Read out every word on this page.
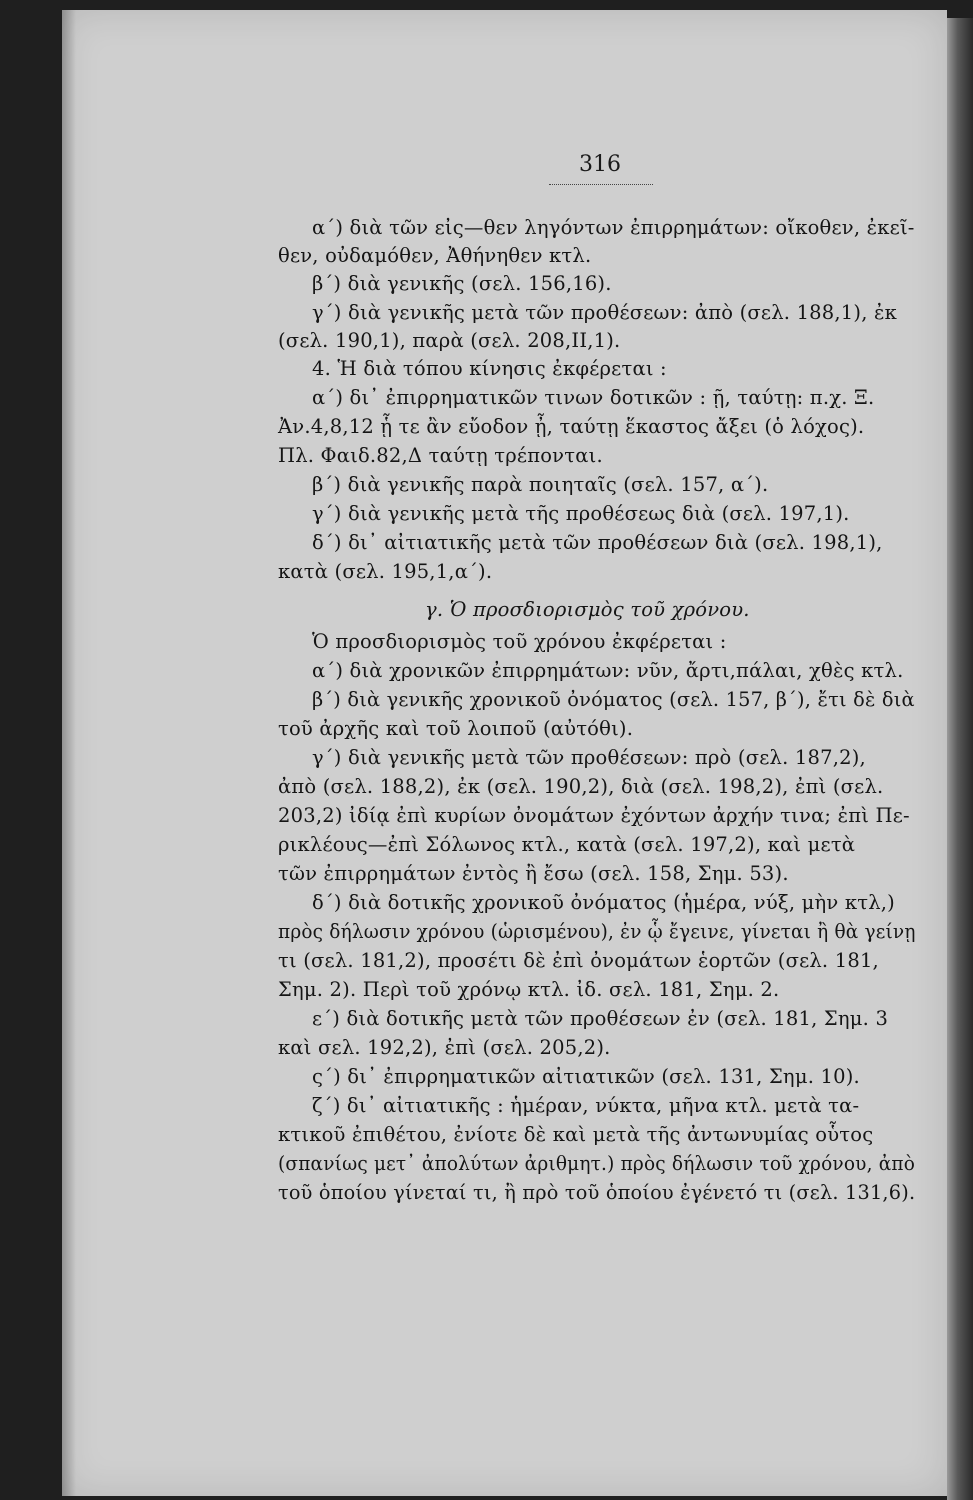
316
α΄) διὰ τῶν εἰς—θεν ληγόντων ἐπιρρημάτων: οἴκοθεν, ἐκεῖ-
θεν, οὐδαμόθεν, Ἀθήνηθεν κτλ.
β΄) διὰ γενικῆς (σελ. 156,16).
γ΄) διὰ γενικῆς μετὰ τῶν προθέσεων: ἀπὸ (σελ. 188,1), ἐκ
(σελ. 190,1), παρὰ (σελ. 208,II,1).
4. Ἡ διὰ τόπου κίνησις ἐκφέρεται :
α΄) δι᾽ ἐπιρρηματικῶν τινων δοτικῶν : ῇ, ταύτῃ: π.χ. Ξ.
Ἀν.4,8,12 ᾗ τε ἂν εὔοδον ᾖ, ταύτῃ ἕκαστος ἄξει (ὁ λόχος).
Πλ. Φαιδ.82,Δ ταύτῃ τρέπονται.
β΄) διὰ γενικῆς παρὰ ποιηταῖς (σελ. 157, α΄).
γ΄) διὰ γενικῆς μετὰ τῆς προθέσεως διὰ (σελ. 197,1).
δ΄) δι᾽ αἰτιατικῆς μετὰ τῶν προθέσεων διὰ (σελ. 198,1),
κατὰ (σελ. 195,1,α΄).
γ. Ὁ προσδιορισμὸς τοῦ χρόνου.
Ὁ προσδιορισμὸς τοῦ χρόνου ἐκφέρεται :
α΄) διὰ χρονικῶν ἐπιρρημάτων: νῦν, ἄρτι,πάλαι, χθὲς κτλ.
β΄) διὰ γενικῆς χρονικοῦ ὀνόματος (σελ. 157, β΄), ἔτι δὲ διὰ
τοῦ ἀρχῆς καὶ τοῦ λοιποῦ (αὐτόθι).
γ΄) διὰ γενικῆς μετὰ τῶν προθέσεων: πρὸ (σελ. 187,2),
ἀπὸ (σελ. 188,2), ἐκ (σελ. 190,2), διὰ (σελ. 198,2), ἐπὶ (σελ.
203,2) ἰδίᾳ ἐπὶ κυρίων ὀνομάτων ἐχόντων ἀρχήν τινα; ἐπὶ Πε-
ρικλέους—ἐπὶ Σόλωνος κτλ., κατὰ (σελ. 197,2), καὶ μετὰ
τῶν ἐπιρρημάτων ἐντὸς ἢ ἔσω (σελ. 158, Σημ. 53).
δ΄) διὰ δοτικῆς χρονικοῦ ὀνόματος (ἡμέρα, νύξ, μὴν κτλ,)
πρὸς δήλωσιν χρόνου (ὡρισμένου), ἐν ᾧ ἔγεινε, γίνεται ἢ θὰ γείνῃ
τι (σελ. 181,2), προσέτι δὲ ἐπὶ ὀνομάτων ἑορτῶν (σελ. 181,
Σημ. 2). Περὶ τοῦ χρόνῳ κτλ. ἰδ. σελ. 181, Σημ. 2.
ε΄) διὰ δοτικῆς μετὰ τῶν προθέσεων ἐν (σελ. 181, Σημ. 3
καὶ σελ. 192,2), ἐπὶ (σελ. 205,2).
ς΄) δι᾽ ἐπιρρηματικῶν αἰτιατικῶν (σελ. 131, Σημ. 10).
ζ΄) δι᾽ αἰτιατικῆς : ἡμέραν, νύκτα, μῆνα κτλ. μετὰ τα-
κτικοῦ ἐπιθέτου, ἐνίοτε δὲ καὶ μετὰ τῆς ἀντωνυμίας οὗτος
(σπανίως μετ᾽ ἀπολύτων ἀριθμητ.) πρὸς δήλωσιν τοῦ χρόνου, ἀπὸ
τοῦ ὁποίου γίνεταί τι, ἢ πρὸ τοῦ ὁποίου ἐγένετό τι (σελ. 131,6).
